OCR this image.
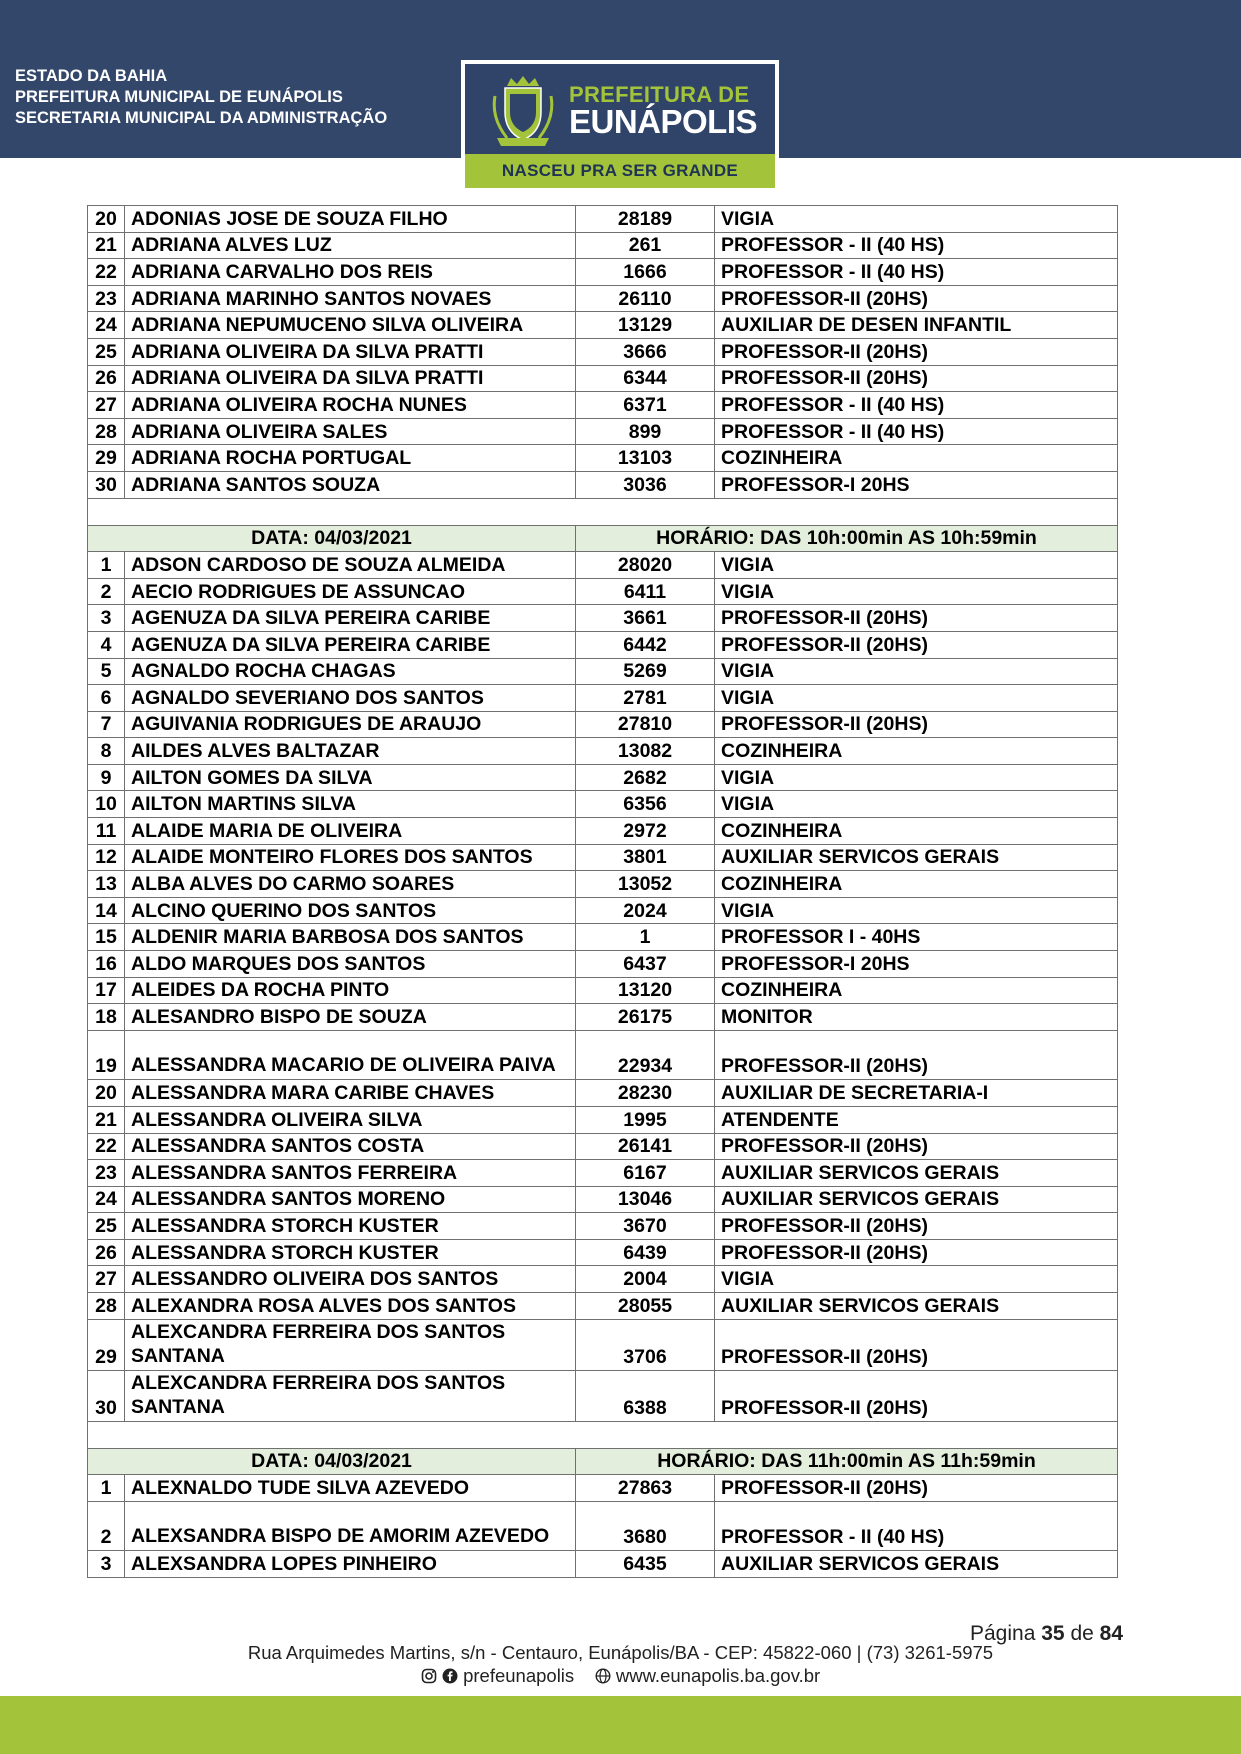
ESTADO DA BAHIA
PREFEITURA MUNICIPAL DE EUNÁPOLIS
SECRETARIA MUNICIPAL DA ADMINISTRAÇÃO
PREFEITURA DE
EUNÁPOLIS
NASCEU PRA SER GRANDE
20	ADONIAS JOSE DE SOUZA FILHO	28189	VIGIA
21	ADRIANA ALVES LUZ	261	PROFESSOR - II (40 HS)
22	ADRIANA CARVALHO DOS REIS	1666	PROFESSOR - II (40 HS)
23	ADRIANA MARINHO SANTOS NOVAES	26110	PROFESSOR-II (20HS)
24	ADRIANA NEPUMUCENO SILVA OLIVEIRA	13129	AUXILIAR DE DESEN INFANTIL
25	ADRIANA OLIVEIRA DA SILVA PRATTI	3666	PROFESSOR-II (20HS)
26	ADRIANA OLIVEIRA DA SILVA PRATTI	6344	PROFESSOR-II (20HS)
27	ADRIANA OLIVEIRA ROCHA NUNES	6371	PROFESSOR - II (40 HS)
28	ADRIANA OLIVEIRA SALES	899	PROFESSOR - II (40 HS)
29	ADRIANA ROCHA PORTUGAL	13103	COZINHEIRA
30	ADRIANA SANTOS SOUZA	3036	PROFESSOR-I 20HS

DATA: 04/03/2021		HORÁRIO: DAS 10h:00min AS 10h:59min	
1	ADSON CARDOSO DE SOUZA ALMEIDA	28020	VIGIA
2	AECIO RODRIGUES DE ASSUNCAO	6411	VIGIA
3	AGENUZA DA SILVA PEREIRA CARIBE	3661	PROFESSOR-II (20HS)
4	AGENUZA DA SILVA PEREIRA CARIBE	6442	PROFESSOR-II (20HS)
5	AGNALDO ROCHA CHAGAS	5269	VIGIA
6	AGNALDO SEVERIANO DOS SANTOS	2781	VIGIA
7	AGUIVANIA RODRIGUES DE ARAUJO	27810	PROFESSOR-II (20HS)
8	AILDES ALVES BALTAZAR	13082	COZINHEIRA
9	AILTON GOMES DA SILVA	2682	VIGIA
10	AILTON MARTINS SILVA	6356	VIGIA
11	ALAIDE MARIA DE OLIVEIRA	2972	COZINHEIRA
12	ALAIDE MONTEIRO FLORES DOS SANTOS	3801	AUXILIAR SERVICOS GERAIS
13	ALBA ALVES DO CARMO SOARES	13052	COZINHEIRA
14	ALCINO QUERINO DOS SANTOS	2024	VIGIA
15	ALDENIR MARIA BARBOSA DOS SANTOS	1	PROFESSOR I - 40HS
16	ALDO MARQUES DOS SANTOS	6437	PROFESSOR-I 20HS
17	ALEIDES DA ROCHA PINTO	13120	COZINHEIRA
18	ALESANDRO BISPO DE SOUZA	26175	MONITOR
19	ALESSANDRA MACARIO DE OLIVEIRA PAIVA	22934	PROFESSOR-II (20HS)
20	ALESSANDRA MARA CARIBE CHAVES	28230	AUXILIAR DE SECRETARIA-I
21	ALESSANDRA OLIVEIRA SILVA	1995	ATENDENTE
22	ALESSANDRA SANTOS COSTA	26141	PROFESSOR-II (20HS)
23	ALESSANDRA SANTOS FERREIRA	6167	AUXILIAR SERVICOS GERAIS
24	ALESSANDRA SANTOS MORENO	13046	AUXILIAR SERVICOS GERAIS
25	ALESSANDRA STORCH KUSTER	3670	PROFESSOR-II (20HS)
26	ALESSANDRA STORCH KUSTER	6439	PROFESSOR-II (20HS)
27	ALESSANDRO OLIVEIRA DOS SANTOS	2004	VIGIA
28	ALEXANDRA ROSA ALVES DOS SANTOS	28055	AUXILIAR SERVICOS GERAIS
29	ALEXCANDRA FERREIRA DOS SANTOS SANTANA	3706	PROFESSOR-II (20HS)
30	ALEXCANDRA FERREIRA DOS SANTOS SANTANA	6388	PROFESSOR-II (20HS)

DATA: 04/03/2021		HORÁRIO: DAS 11h:00min AS 11h:59min	
1	ALEXNALDO TUDE SILVA AZEVEDO	27863	PROFESSOR-II (20HS)
2	ALEXSANDRA BISPO DE AMORIM AZEVEDO	3680	PROFESSOR - II (40 HS)
3	ALEXSANDRA LOPES PINHEIRO	6435	AUXILIAR SERVICOS GERAIS
Página 35 de 84
Rua Arquimedes Martins, s/n - Centauro, Eunápolis/BA - CEP: 45822-060 | (73) 3261-5975
prefeunapolis www.eunapolis.ba.gov.br
